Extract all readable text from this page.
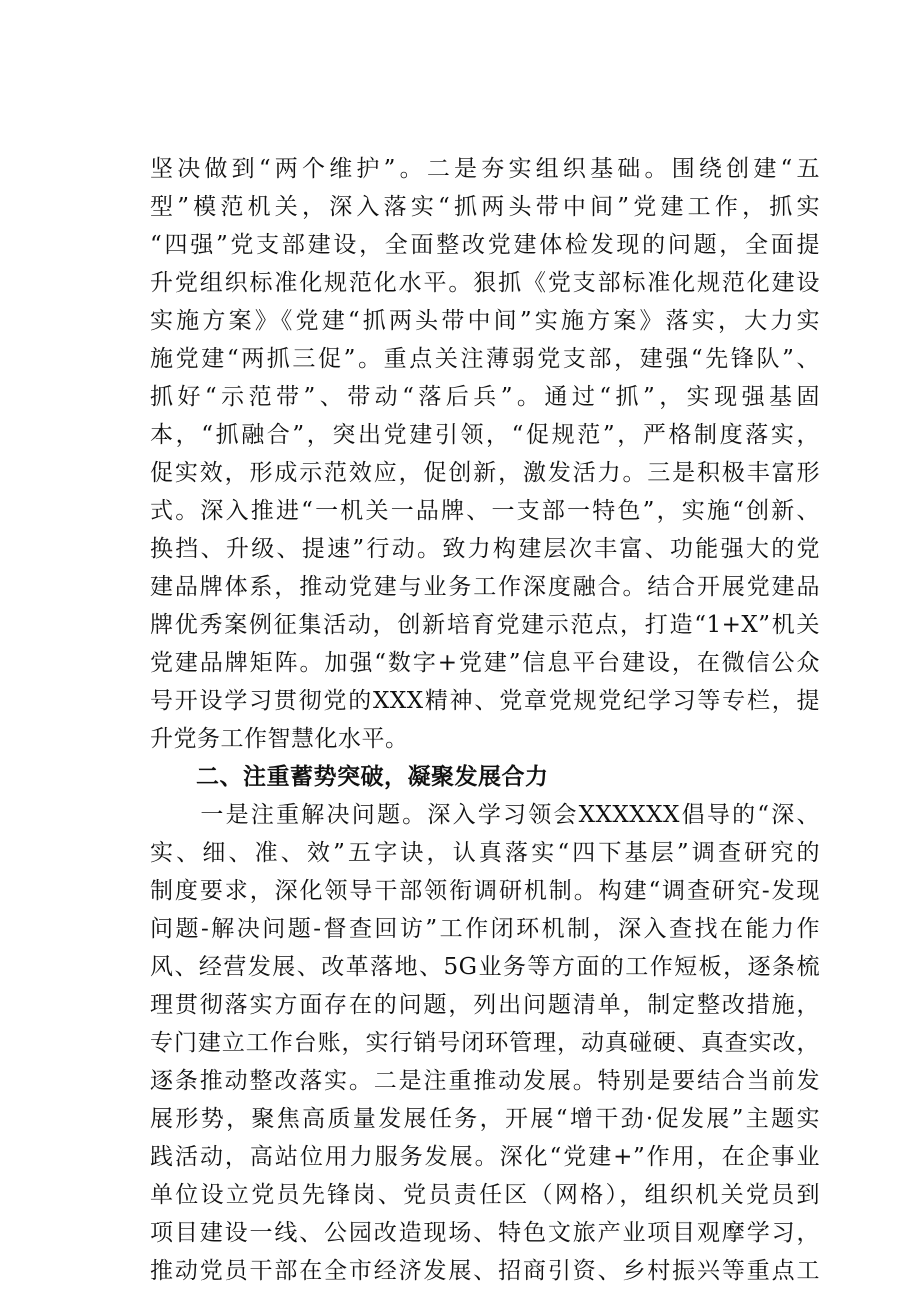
坚决做到“两个维护”。二是夯实组织基础。围绕创建“五
型”模范机关，深入落实“抓两头带中间”党建工作，抓实
“四强”党支部建设，全面整改党建体检发现的问题，全面提
升党组织标准化规范化水平。狠抓《党支部标准化规范化建设
实施方案》《党建“抓两头带中间”实施方案》落实，大力实
施党建“两抓三促”。重点关注薄弱党支部，建强“先锋队”、
抓好“示范带”、带动“落后兵”。通过“抓”，实现强基固
本，“抓融合”，突出党建引领，“促规范”，严格制度落实，
促实效，形成示范效应，促创新，激发活力。三是积极丰富形
式。深入推进“一机关一品牌、一支部一特色”，实施“创新、
换挡、升级、提速”行动。致力构建层次丰富、功能强大的党
建品牌体系，推动党建与业务工作深度融合。结合开展党建品
牌优秀案例征集活动，创新培育党建示范点，打造“1+X”机关
党建品牌矩阵。加强“数字+党建”信息平台建设，在微信公众
号开设学习贯彻党的XXX精神、党章党规党纪学习等专栏，提
升党务工作智慧化水平。
二、注重蓄势突破，凝聚发展合力
　　一是注重解决问题。深入学习领会XXXXXX倡导的“深、
实、细、准、效”五字诀，认真落实“四下基层”调查研究的
制度要求，深化领导干部领衔调研机制。构建“调查研究-发现
问题-解决问题-督查回访”工作闭环机制，深入查找在能力作
风、经营发展、改革落地、5G业务等方面的工作短板，逐条梳
理贯彻落实方面存在的问题，列出问题清单，制定整改措施，
专门建立工作台账，实行销号闭环管理，动真碰硬、真查实改，
逐条推动整改落实。二是注重推动发展。特别是要结合当前发
展形势，聚焦高质量发展任务，开展“增干劲·促发展”主题实
践活动，高站位用力服务发展。深化“党建+”作用，在企事业
单位设立党员先锋岗、党员责任区（网格），组织机关党员到
项目建设一线、公园改造现场、特色文旅产业项目观摩学习，
推动党员干部在全市经济发展、招商引资、乡村振兴等重点工
